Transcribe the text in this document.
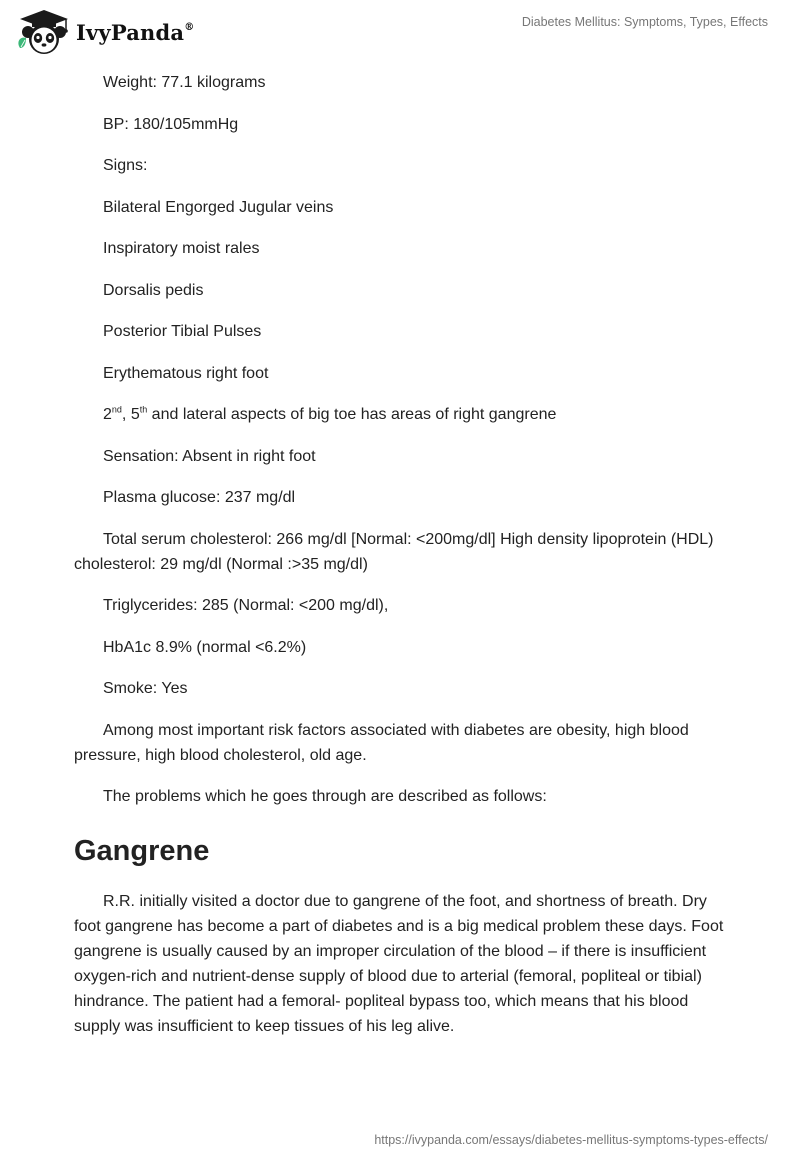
IvyPanda®	Diabetes Mellitus: Symptoms, Types, Effects

Weight: 77.1 kilograms

BP: 180/105mmHg

Signs:

Bilateral Engorged Jugular veins

Inspiratory moist rales

Dorsalis pedis

Posterior Tibial Pulses

Erythematous right foot

2nd, 5th and lateral aspects of big toe has areas of right gangrene

Sensation: Absent in right foot

Plasma glucose: 237 mg/dl

Total serum cholesterol: 266 mg/dl [Normal: <200mg/dl] High density lipoprotein (HDL) cholesterol: 29 mg/dl (Normal :>35 mg/dl)

Triglycerides: 285 (Normal: <200 mg/dl),

HbA1c 8.9% (normal <6.2%)

Smoke: Yes

Among most important risk factors associated with diabetes are obesity, high blood pressure, high blood cholesterol, old age.

The problems which he goes through are described as follows:

Gangrene

R.R. initially visited a doctor due to gangrene of the foot, and shortness of breath. Dry foot gangrene has become a part of diabetes and is a big medical problem these days. Foot gangrene is usually caused by an improper circulation of the blood – if there is insufficient oxygen-rich and nutrient-dense supply of blood due to arterial (femoral, popliteal or tibial) hindrance. The patient had a femoral- popliteal bypass too, which means that his blood supply was insufficient to keep tissues of his leg alive.

https://ivypanda.com/essays/diabetes-mellitus-symptoms-types-effects/
